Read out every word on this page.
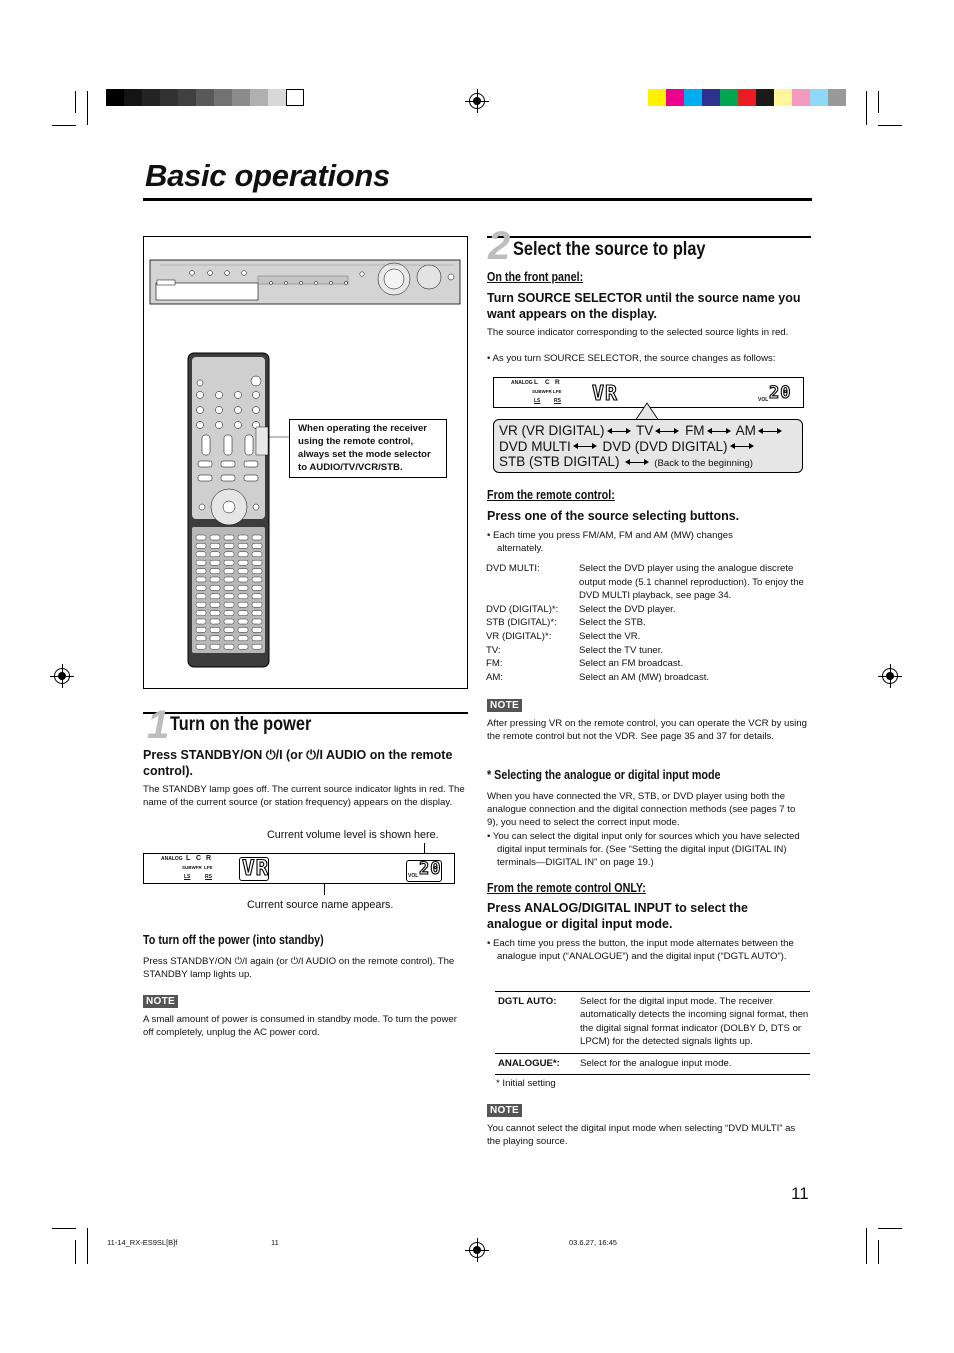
Basic operations
When operating the receiver using the remote control, always set the mode selector to AUDIO/TV/VCR/STB.
1 Turn on the power
Press STANDBY/ON ⏻/I (or ⏻/I AUDIO on the remote control).
The STANDBY lamp goes off. The current source indicator lights in red. The name of the current source (or station frequency) appears on the display.
Current volume level is shown here.
ANALOG L C R
SUBWFR LFE
LS	RS VR	VOL 20
Current source name appears.
To turn off the power (into standby)
Press STANDBY/ON ⏻/I again (or ⏻/I AUDIO on the remote control). The STANDBY lamp lights up.
NOTE
A small amount of power is consumed in standby mode. To turn the power off completely, unplug the AC power cord.
2 Select the source to play
On the front panel:
Turn SOURCE SELECTOR until the source name you want appears on the display.
The source indicator corresponding to the selected source lights in red.
• As you turn SOURCE SELECTOR, the source changes as follows:
ANALOG L C R
SUBWFR LFE
LS	RS VR	VOL 20
VR (VR DIGITAL) TV FM AM
DVD MULTI DVD (DVD DIGITAL)
STB (STB DIGITAL)	(Back to the beginning)
From the remote control:
Press one of the source selecting buttons.
• Each time you press FM/AM, FM and AM (MW) changes alternately.
DVD MULTI:	Select the DVD player using the analogue discrete output mode (5.1 channel reproduction). To enjoy the DVD MULTI playback, see page 34.
DVD (DIGITAL)*:	Select the DVD player.
STB (DIGITAL)*:	Select the STB.
VR (DIGITAL)*:	Select the VR.
TV:	Select the TV tuner.
FM:	Select an FM broadcast.
AM:	Select an AM (MW) broadcast.
NOTE
After pressing VR on the remote control, you can operate the VCR by using the remote control but not the VDR. See page 35 and 37 for details.
* Selecting the analogue or digital input mode
When you have connected the VR, STB, or DVD player using both the analogue connection and the digital connection methods (see pages 7 to 9), you need to select the correct input mode.
• You can select the digital input only for sources which you have selected digital input terminals for. (See “Setting the digital input (DIGITAL IN) terminals—DIGITAL IN” on page 19.)
From the remote control ONLY:
Press ANALOG/DIGITAL INPUT to select the analogue or digital input mode.
• Each time you press the button, the input mode alternates between the analogue input (“ANALOGUE”) and the digital input (“DGTL AUTO”).
DGTL AUTO:	Select for the digital input mode. The receiver automatically detects the incoming signal format, then the digital signal format indicator (DOLBY D, DTS or LPCM) for the detected signals lights up.
ANALOGUE*:	Select for the analogue input mode.
* Initial setting
NOTE
You cannot select the digital input mode when selecting “DVD MULTI” as the playing source.
11
11-14_RX-ES9SL[B]f	11	03.6.27, 16:45
